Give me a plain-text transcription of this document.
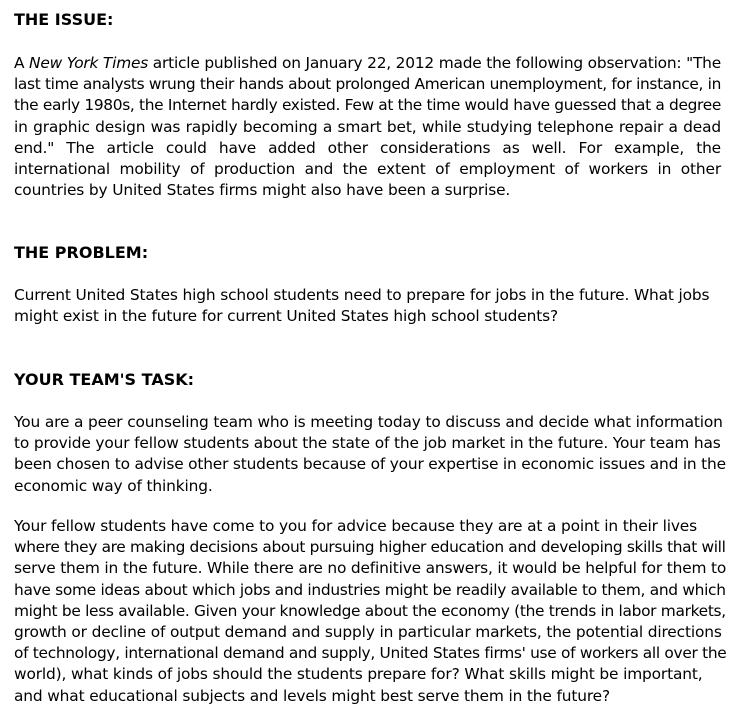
THE ISSUE:
A New York Times article published on January 22, 2012 made the following observation: "The
last time analysts wrung their hands about prolonged American unemployment, for instance, in
the early 1980s, the Internet hardly existed. Few at the time would have guessed that a degree
in graphic design was rapidly becoming a smart bet, while studying telephone repair a dead
end." The article could have added other considerations as well. For example, the
international mobility of production and the extent of employment of workers in other
countries by United States firms might also have been a surprise.
THE PROBLEM:
Current United States high school students need to prepare for jobs in the future. What jobs
might exist in the future for current United States high school students?
YOUR TEAM'S TASK:
You are a peer counseling team who is meeting today to discuss and decide what information
to provide your fellow students about the state of the job market in the future. Your team has
been chosen to advise other students because of your expertise in economic issues and in the
economic way of thinking.
Your fellow students have come to you for advice because they are at a point in their lives
where they are making decisions about pursuing higher education and developing skills that will
serve them in the future. While there are no definitive answers, it would be helpful for them to
have some ideas about which jobs and industries might be readily available to them, and which
might be less available. Given your knowledge about the economy (the trends in labor markets,
growth or decline of output demand and supply in particular markets, the potential directions
of technology, international demand and supply, United States firms' use of workers all over the
world), what kinds of jobs should the students prepare for? What skills might be important,
and what educational subjects and levels might best serve them in the future?
